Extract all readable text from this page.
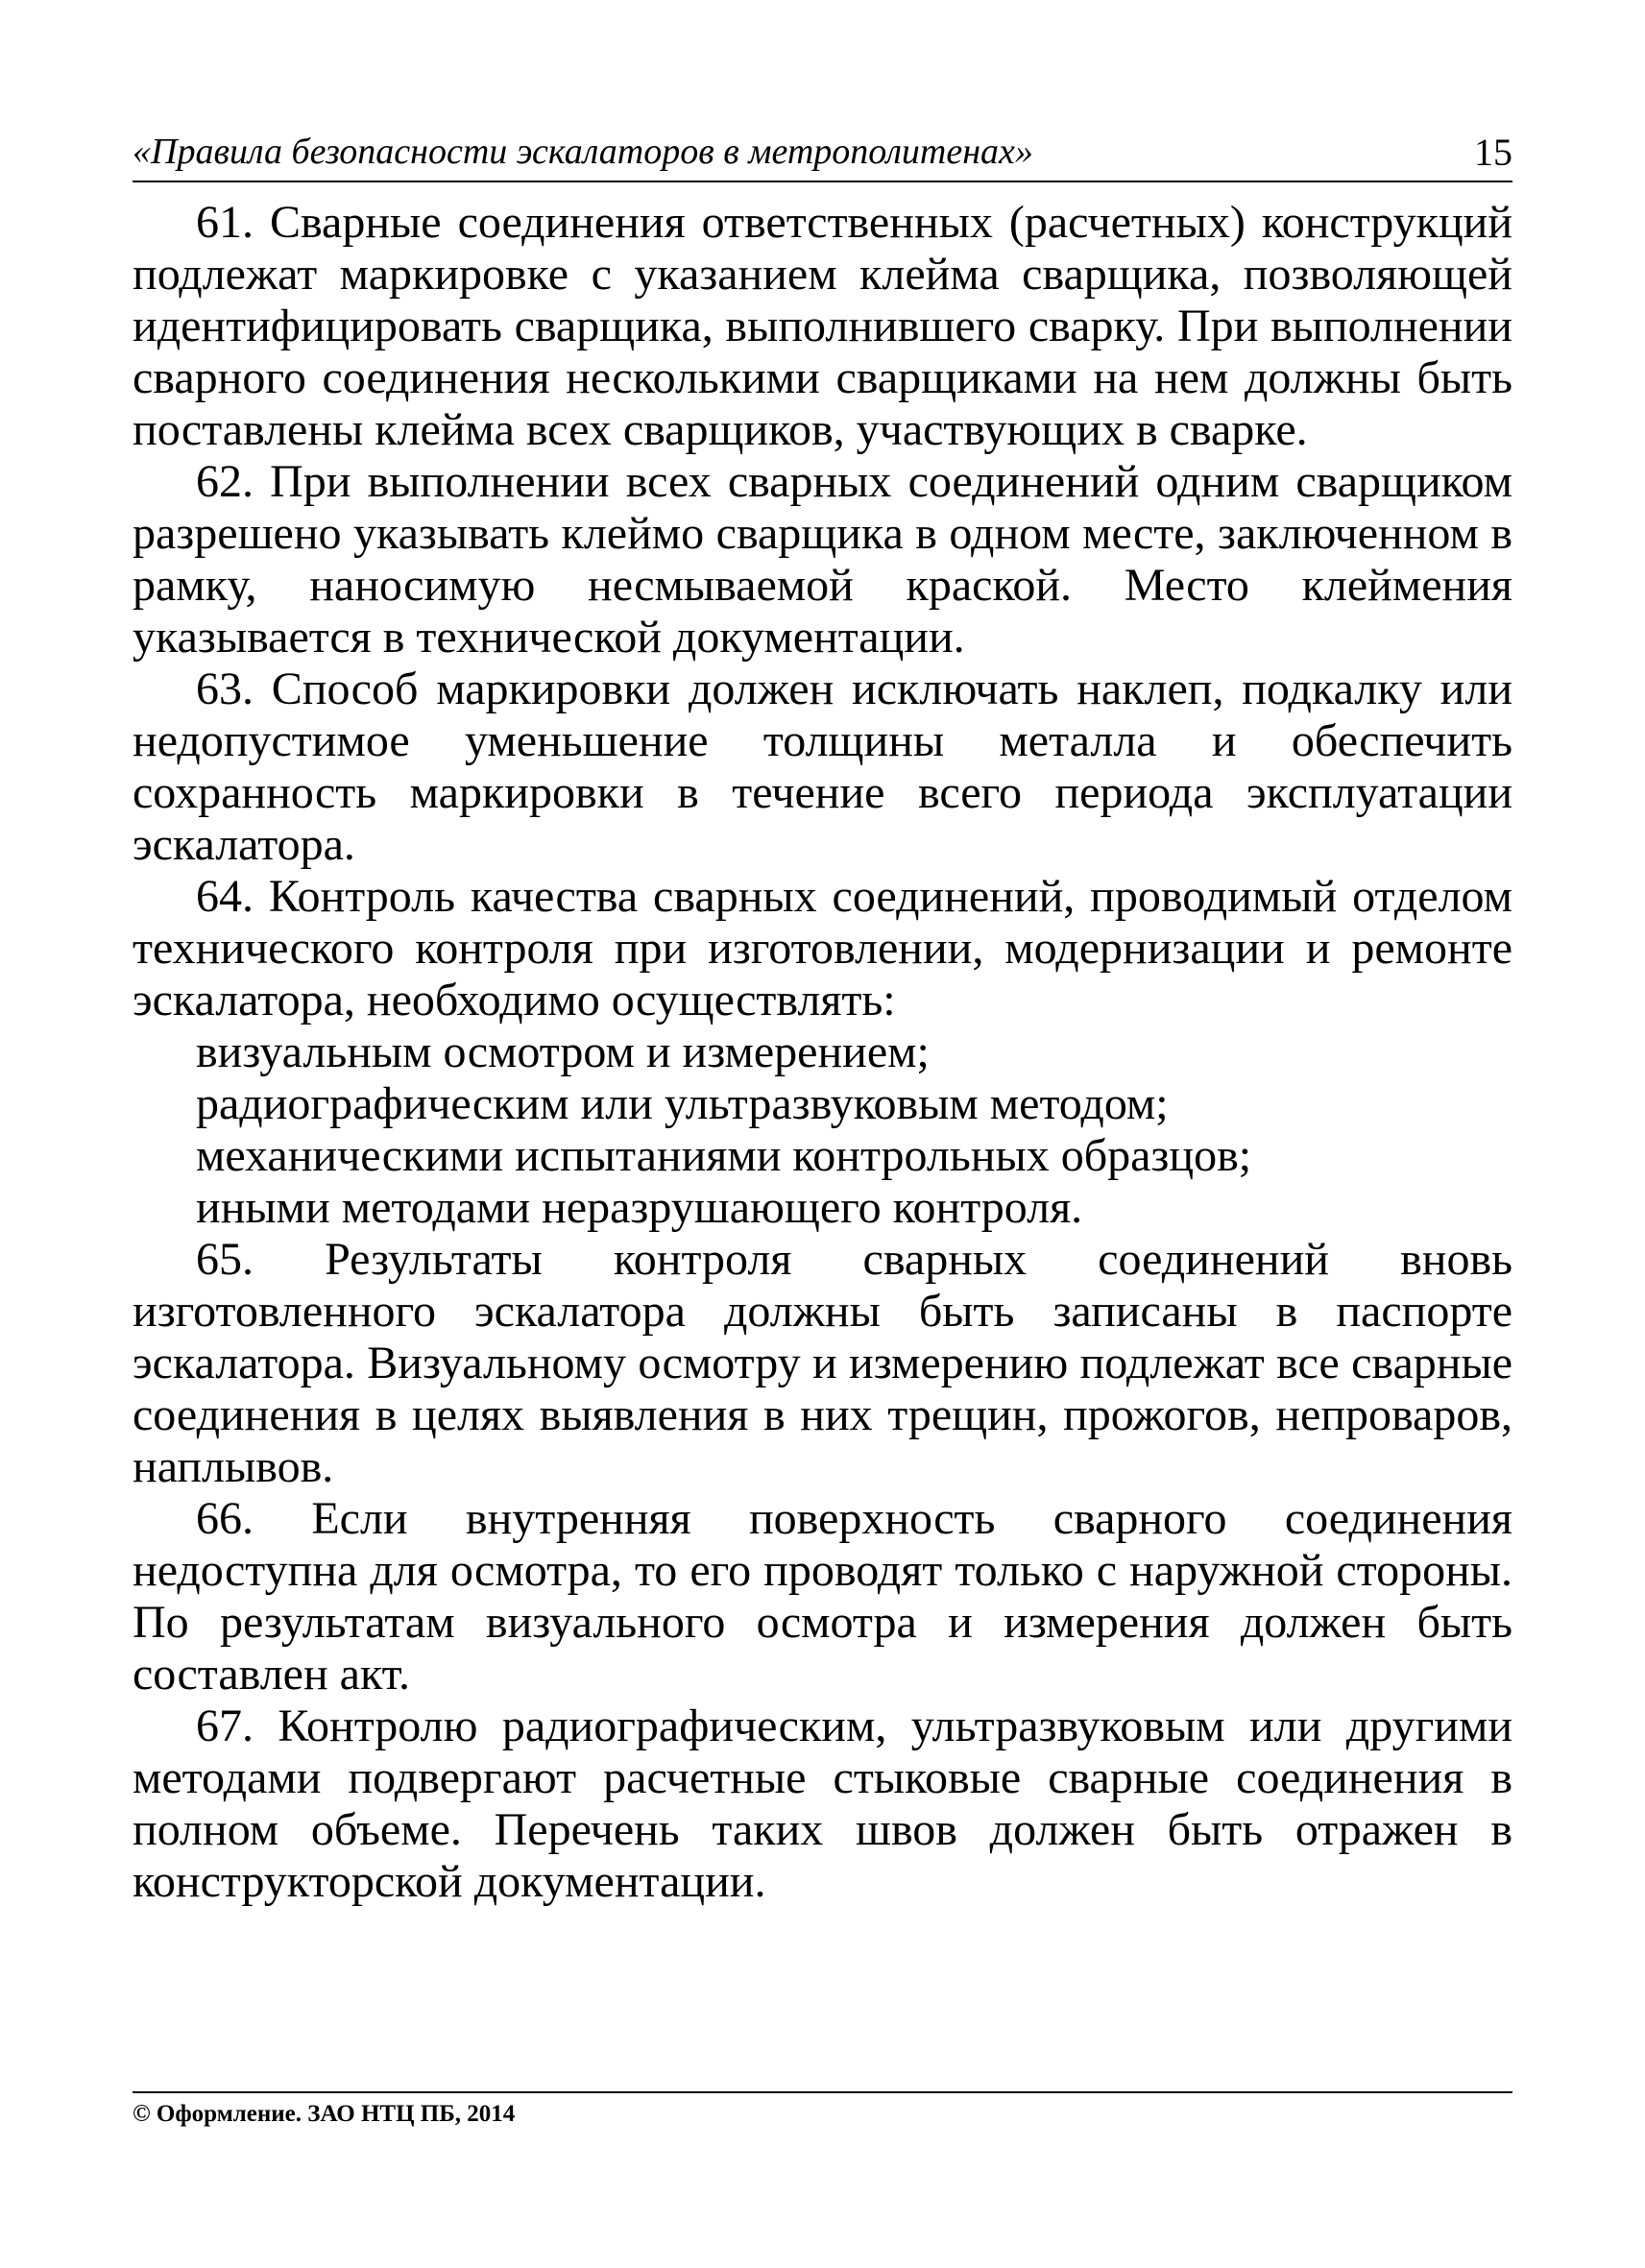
«Правила безопасности эскалаторов в метрополитенах»	15

61. Сварные соединения ответственных (расчетных) конструкций подлежат маркировке с указанием клейма сварщика, позволяющей идентифицировать сварщика, выполнившего сварку. При выполнении сварного соединения несколькими сварщиками на нем должны быть поставлены клейма всех сварщиков, участвующих в сварке.

62. При выполнении всех сварных соединений одним сварщиком разрешено указывать клеймо сварщика в одном месте, заключенном в рамку, наносимую несмываемой краской. Место клеймения указывается в технической документации.

63. Способ маркировки должен исключать наклеп, подкалку или недопустимое уменьшение толщины металла и обеспечить сохранность маркировки в течение всего периода эксплуатации эскалатора.

64. Контроль качества сварных соединений, проводимый отделом технического контроля при изготовлении, модернизации и ремонте эскалатора, необходимо осуществлять:

визуальным осмотром и измерением;

радиографическим или ультразвуковым методом;

механическими испытаниями контрольных образцов;

иными методами неразрушающего контроля.

65. Результаты контроля сварных соединений вновь изготовленного эскалатора должны быть записаны в паспорте эскалатора. Визуальному осмотру и измерению подлежат все сварные соединения в целях выявления в них трещин, прожогов, непроваров, наплывов.

66. Если внутренняя поверхность сварного соединения недоступна для осмотра, то его проводят только с наружной стороны. По результатам визуального осмотра и измерения должен быть составлен акт.

67. Контролю радиографическим, ультразвуковым или другими методами подвергают расчетные стыковые сварные соединения в полном объеме. Перечень таких швов должен быть отражен в конструкторской документации.

© Оформление. ЗАО НТЦ ПБ, 2014
